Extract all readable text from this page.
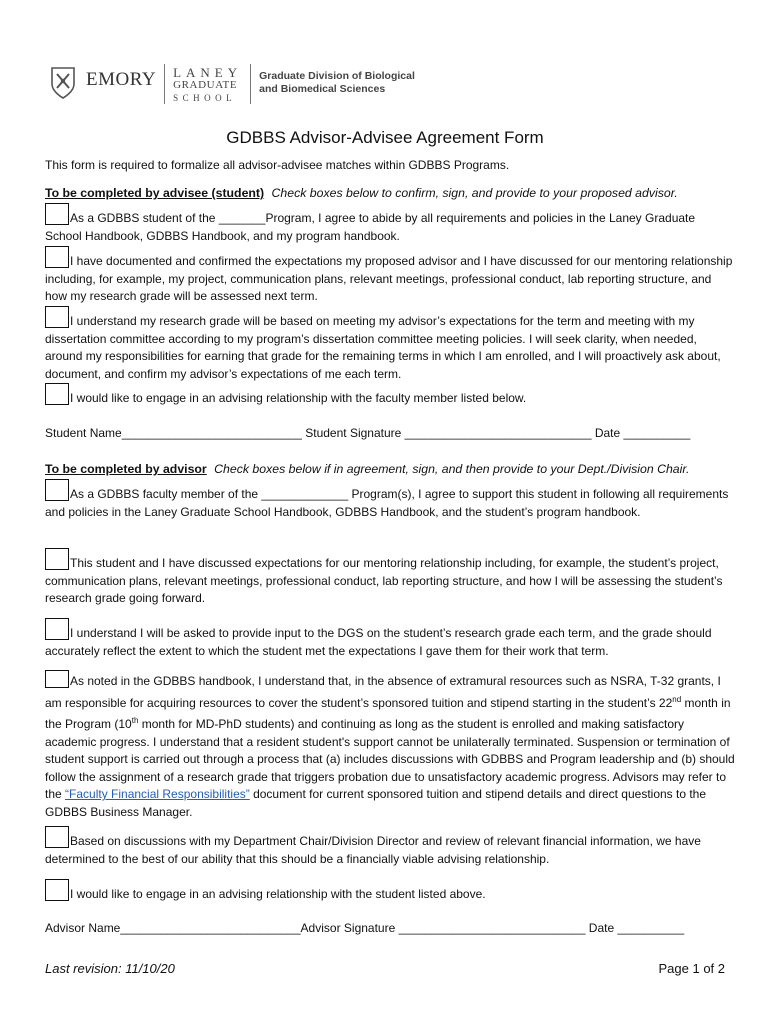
EMORY LANEY
GRADUATE
SCHOOL
Graduate Division of Biological
and Biomedical Sciences
GDBBS Advisor-Advisee Agreement Form
This form is required to formalize all advisor-advisee matches within GDBBS Programs.
To be completed by advisee (student) Check boxes below to confirm, sign, and provide to your proposed advisor.
As a GDBBS student of the _______Program, I agree to abide by all requirements and policies in the Laney Graduate School Handbook, GDBBS Handbook, and my program handbook.
I have documented and confirmed the expectations my proposed advisor and I have discussed for our mentoring relationship including, for example, my project, communication plans, relevant meetings, professional conduct, lab reporting structure, and how my research grade will be assessed next term.
I understand my research grade will be based on meeting my advisor’s expectations for the term and meeting with my dissertation committee according to my program’s dissertation committee meeting policies. I will seek clarity, when needed, around my responsibilities for earning that grade for the remaining terms in which I am enrolled, and I will proactively ask about, document, and confirm my advisor’s expectations of me each term.
I would like to engage in an advising relationship with the faculty member listed below.
Student Name___________________________ Student Signature ____________________________ Date __________
To be completed by advisor Check boxes below if in agreement, sign, and then provide to your Dept./Division Chair.
As a GDBBS faculty member of the _____________ Program(s), I agree to support this student in following all requirements and policies in the Laney Graduate School Handbook, GDBBS Handbook, and the student’s program handbook.
This student and I have discussed expectations for our mentoring relationship including, for example, the student’s project, communication plans, relevant meetings, professional conduct, lab reporting structure, and how I will be assessing the student’s research grade going forward.
I understand I will be asked to provide input to the DGS on the student’s research grade each term, and the grade should accurately reflect the extent to which the student met the expectations I gave them for their work that term.
As noted in the GDBBS handbook, I understand that, in the absence of extramural resources such as NSRA, T-32 grants, I am responsible for acquiring resources to cover the student’s sponsored tuition and stipend starting in the student’s 22nd month in the Program (10th month for MD-PhD students) and continuing as long as the student is enrolled and making satisfactory academic progress. I understand that a resident student's support cannot be unilaterally terminated. Suspension or termination of student support is carried out through a process that (a) includes discussions with GDBBS and Program leadership and (b) should follow the assignment of a research grade that triggers probation due to unsatisfactory academic progress. Advisors may refer to the “Faculty Financial Responsibilities” document for current sponsored tuition and stipend details and direct questions to the GDBBS Business Manager.
Based on discussions with my Department Chair/Division Director and review of relevant financial information, we have determined to the best of our ability that this should be a financially viable advising relationship.
I would like to engage in an advising relationship with the student listed above.
Advisor Name___________________________Advisor Signature ____________________________ Date __________
Last revision: 11/10/20	Page 1 of 2
